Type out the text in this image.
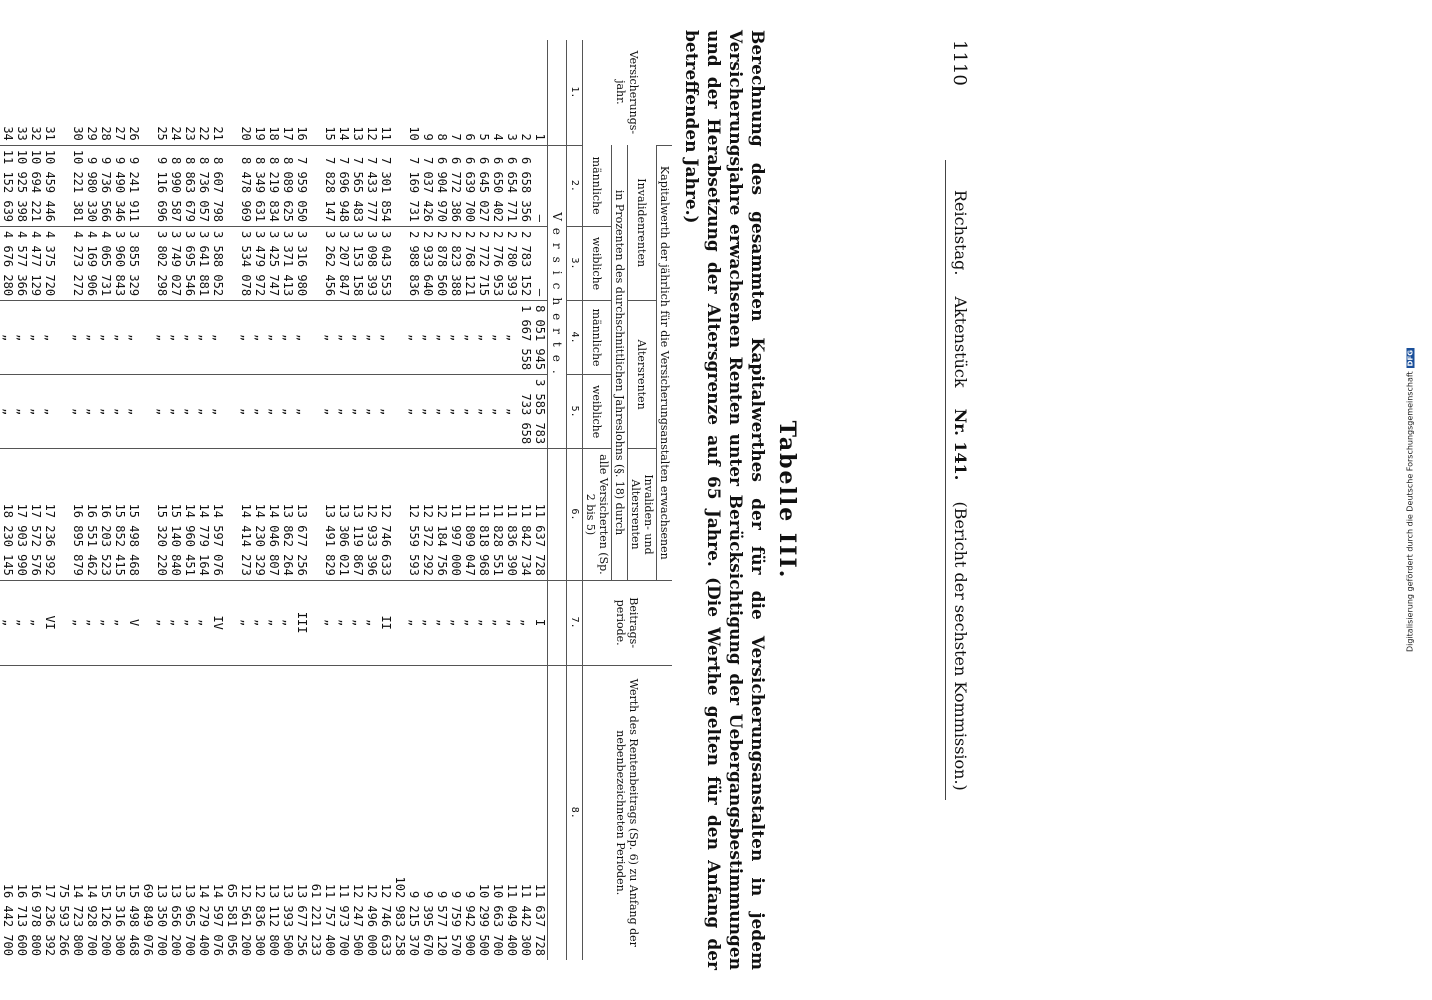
1110
Reichstag. Aktenstück Nr. 141. (Bericht der sechsten Kommission.)
Tabelle III.
Berechnung des gesammten Kapitalwerthes der für die Versicherungsanstalten in jedem Versicherungsjahre erwachsenen Renten unter Berücksichtigung der Uebergangsbestimmungen und der Herabsetzung der Altersgrenze auf 65 Jahre. (Die Werthe gelten für den Anfang der betreffenden Jahre.)
Versicherungs-jahr.	Kapitalwerth der jährlich für die Versicherungsanstalten erwachsenen					Beitrags-periode.	Werth des Rentenbeitrags (Sp. 6) zu Anfang der nebenbezeichneten Perioden.
	Invalidenrenten		Altersrenten		Invaliden- und Altersrenten		
	in Prozenten des durchschnittlichen Jahreslohns (§. 18) durch						
	männliche	weibliche	männliche	weibliche	alle Versicherten (Sp. 2 bis 5)		
1.	2.	3.	4.	5.	6.	7.	8.
	Versicherte.						
1	—	—	8 051 945	3 585 783	11 637 728	I	11 637 728
2	6 658 356	2 783 152	1 667 558	733 658	11 842 734	„	11 442 300
3	6 654 771	2 780 393	„	„	11 836 390	„	11 049 400
4	6 650 402	2 776 953	„	„	11 828 551	„	10 663 700
5	6 645 027	2 772 715	„	„	11 818 968	„	10 299 500
6	6 639 700	2 768 121	„	„	11 809 047	„	9 942 900
7	6 772 386	2 823 388	„	„	11 997 000	„	9 759 570
8	6 904 970	2 878 560	„	„	12 184 756	„	9 577 120
9	7 037 426	2 933 640	„	„	12 372 292	„	9 395 670
10	7 169 731	2 988 836	„	„	12 559 593	„	9 215 370
							102 983 258
11	7 301 854	3 043 553	„	„	12 746 633	II	12 746 633
12	7 433 777	3 098 393	„	„	12 933 396	„	12 496 000
13	7 565 483	3 153 158	„	„	13 119 867	„	12 247 500
14	7 696 948	3 207 847	„	„	13 306 021	„	11 973 700
15	7 828 147	3 262 456	„	„	13 491 829	„	11 757 400
							61 221 233
16	7 959 050	3 316 980	„	„	13 677 256	III	13 677 256
17	8 089 625	3 371 413	„	„	13 862 264	„	13 393 500
18	8 219 834	3 425 747	„	„	14 046 807	„	13 112 800
19	8 349 631	3 479 972	„	„	14 230 329	„	12 836 300
20	8 478 969	3 534 078	„	„	14 414 273	„	12 561 200
							65 581 056
21	8 607 798	3 588 052	„	„	14 597 076	IV	14 597 076
22	8 736 057	3 641 881	„	„	14 779 164	„	14 279 400
23	8 863 679	3 695 546	„	„	14 960 451	„	13 965 700
24	8 990 587	3 749 027	„	„	15 140 840	„	13 656 200
25	9 116 696	3 802 298	„	„	15 320 220	„	13 350 700
							69 849 076
26	9 241 911	3 855 329	„	„	15 498 468	V	15 498 468
27	9 490 346	3 960 843	„	„	15 852 415	„	15 316 300
28	9 736 566	4 065 731	„	„	16 203 523	„	15 126 200
29	9 980 330	4 169 906	„	„	16 551 462	„	14 928 700
30	10 221 381	4 273 272	„	„	16 895 879	„	14 723 800
							75 593 266
31	10 459 446	4 375 720	„	„	17 236 392	VI	17 236 392
32	10 694 221	4 477 129	„	„	17 572 576	„	16 978 800
33	10 925 398	4 577 366	„	„	17 903 990	„	16 713 600
34	11 152 639	4 676 280	„	„	18 230 145	„	16 442 700

Digitalisierung gefördert durch die Deutsche ForschungsgemeinschaftDFG
